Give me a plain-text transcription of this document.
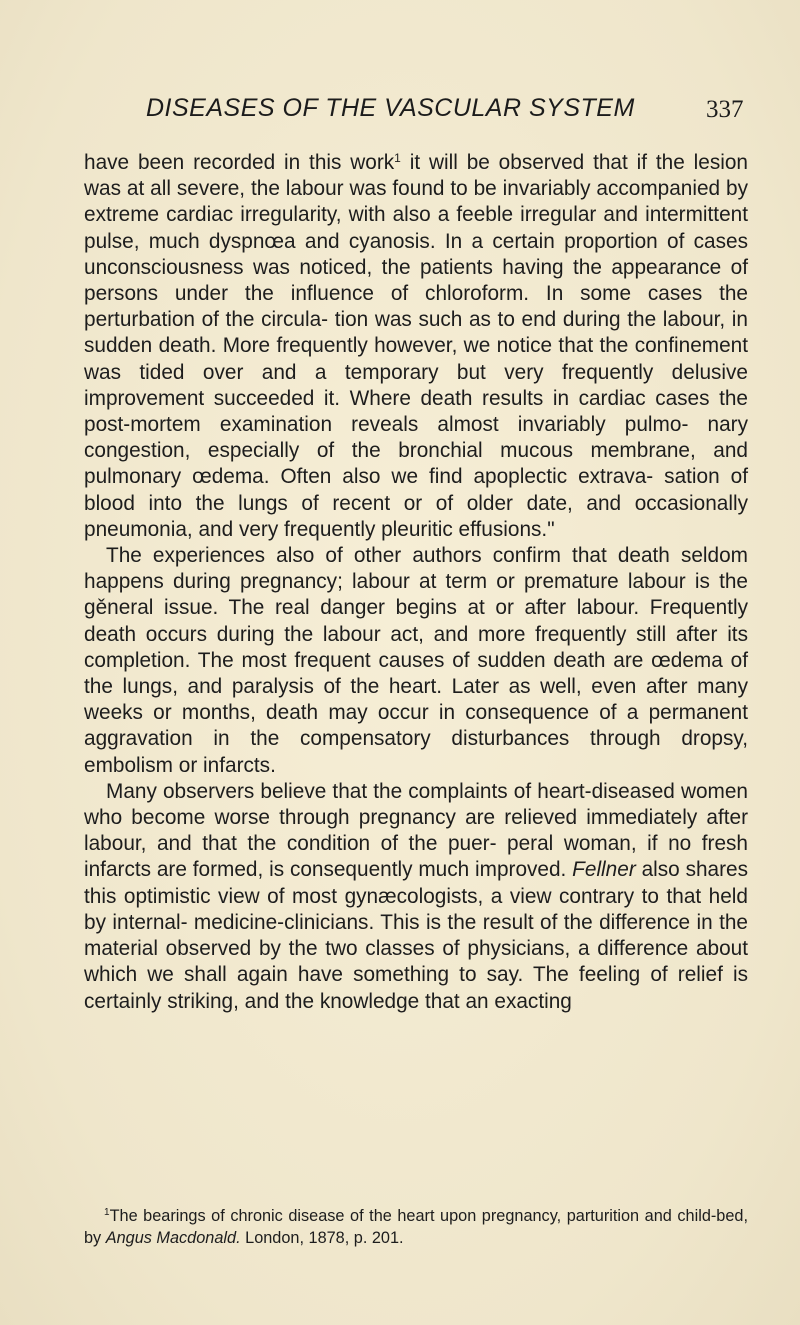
DISEASES OF THE VASCULAR SYSTEM	337

have been recorded in this work$^1$ it will be observed that if the lesion was at all severe, the labour was found to be invariably accompanied by extreme cardiac irregularity, with also a feeble irregular and intermittent pulse, much dyspnœa and cyanosis. In a certain proportion of cases unconsciousness was noticed, the patients having the appearance of persons under the influence of chloroform. In some cases the perturbation of the circula- tion was such as to end during the labour, in sudden death. More frequently however, we notice that the confinement was tided over and a temporary but very frequently delusive improvement succeeded it. Where death results in cardiac cases the post-mortem examination reveals almost invariably pulmo- nary congestion, especially of the bronchial mucous membrane, and pulmonary œdema. Often also we find apoplectic extrava- sation of blood into the lungs of recent or of older date, and occasionally pneumonia, and very frequently pleuritic effusions."

The experiences also of other authors confirm that death seldom happens during pregnancy; labour at term or premature labour is the gěneral issue. The real danger begins at or after labour. Frequently death occurs during the labour act, and more frequently still after its completion. The most frequent causes of sudden death are œdema of the lungs, and paralysis of the heart. Later as well, even after many weeks or months, death may occur in consequence of a permanent aggravation in the compensatory disturbances through dropsy, embolism or infarcts.

Many observers believe that the complaints of heart-diseased women who become worse through pregnancy are relieved immediately after labour, and that the condition of the puer- peral woman, if no fresh infarcts are formed, is consequently much improved. Fellner also shares this optimistic view of most gynæcologists, a view contrary to that held by internal- medicine-clinicians. This is the result of the difference in the material observed by the two classes of physicians, a difference about which we shall again have something to say. The feeling of relief is certainly striking, and the knowledge that an exacting

$^1$The bearings of chronic disease of the heart upon pregnancy, parturition and child-bed, by Angus Macdonald. London, 1878, p. 201.
